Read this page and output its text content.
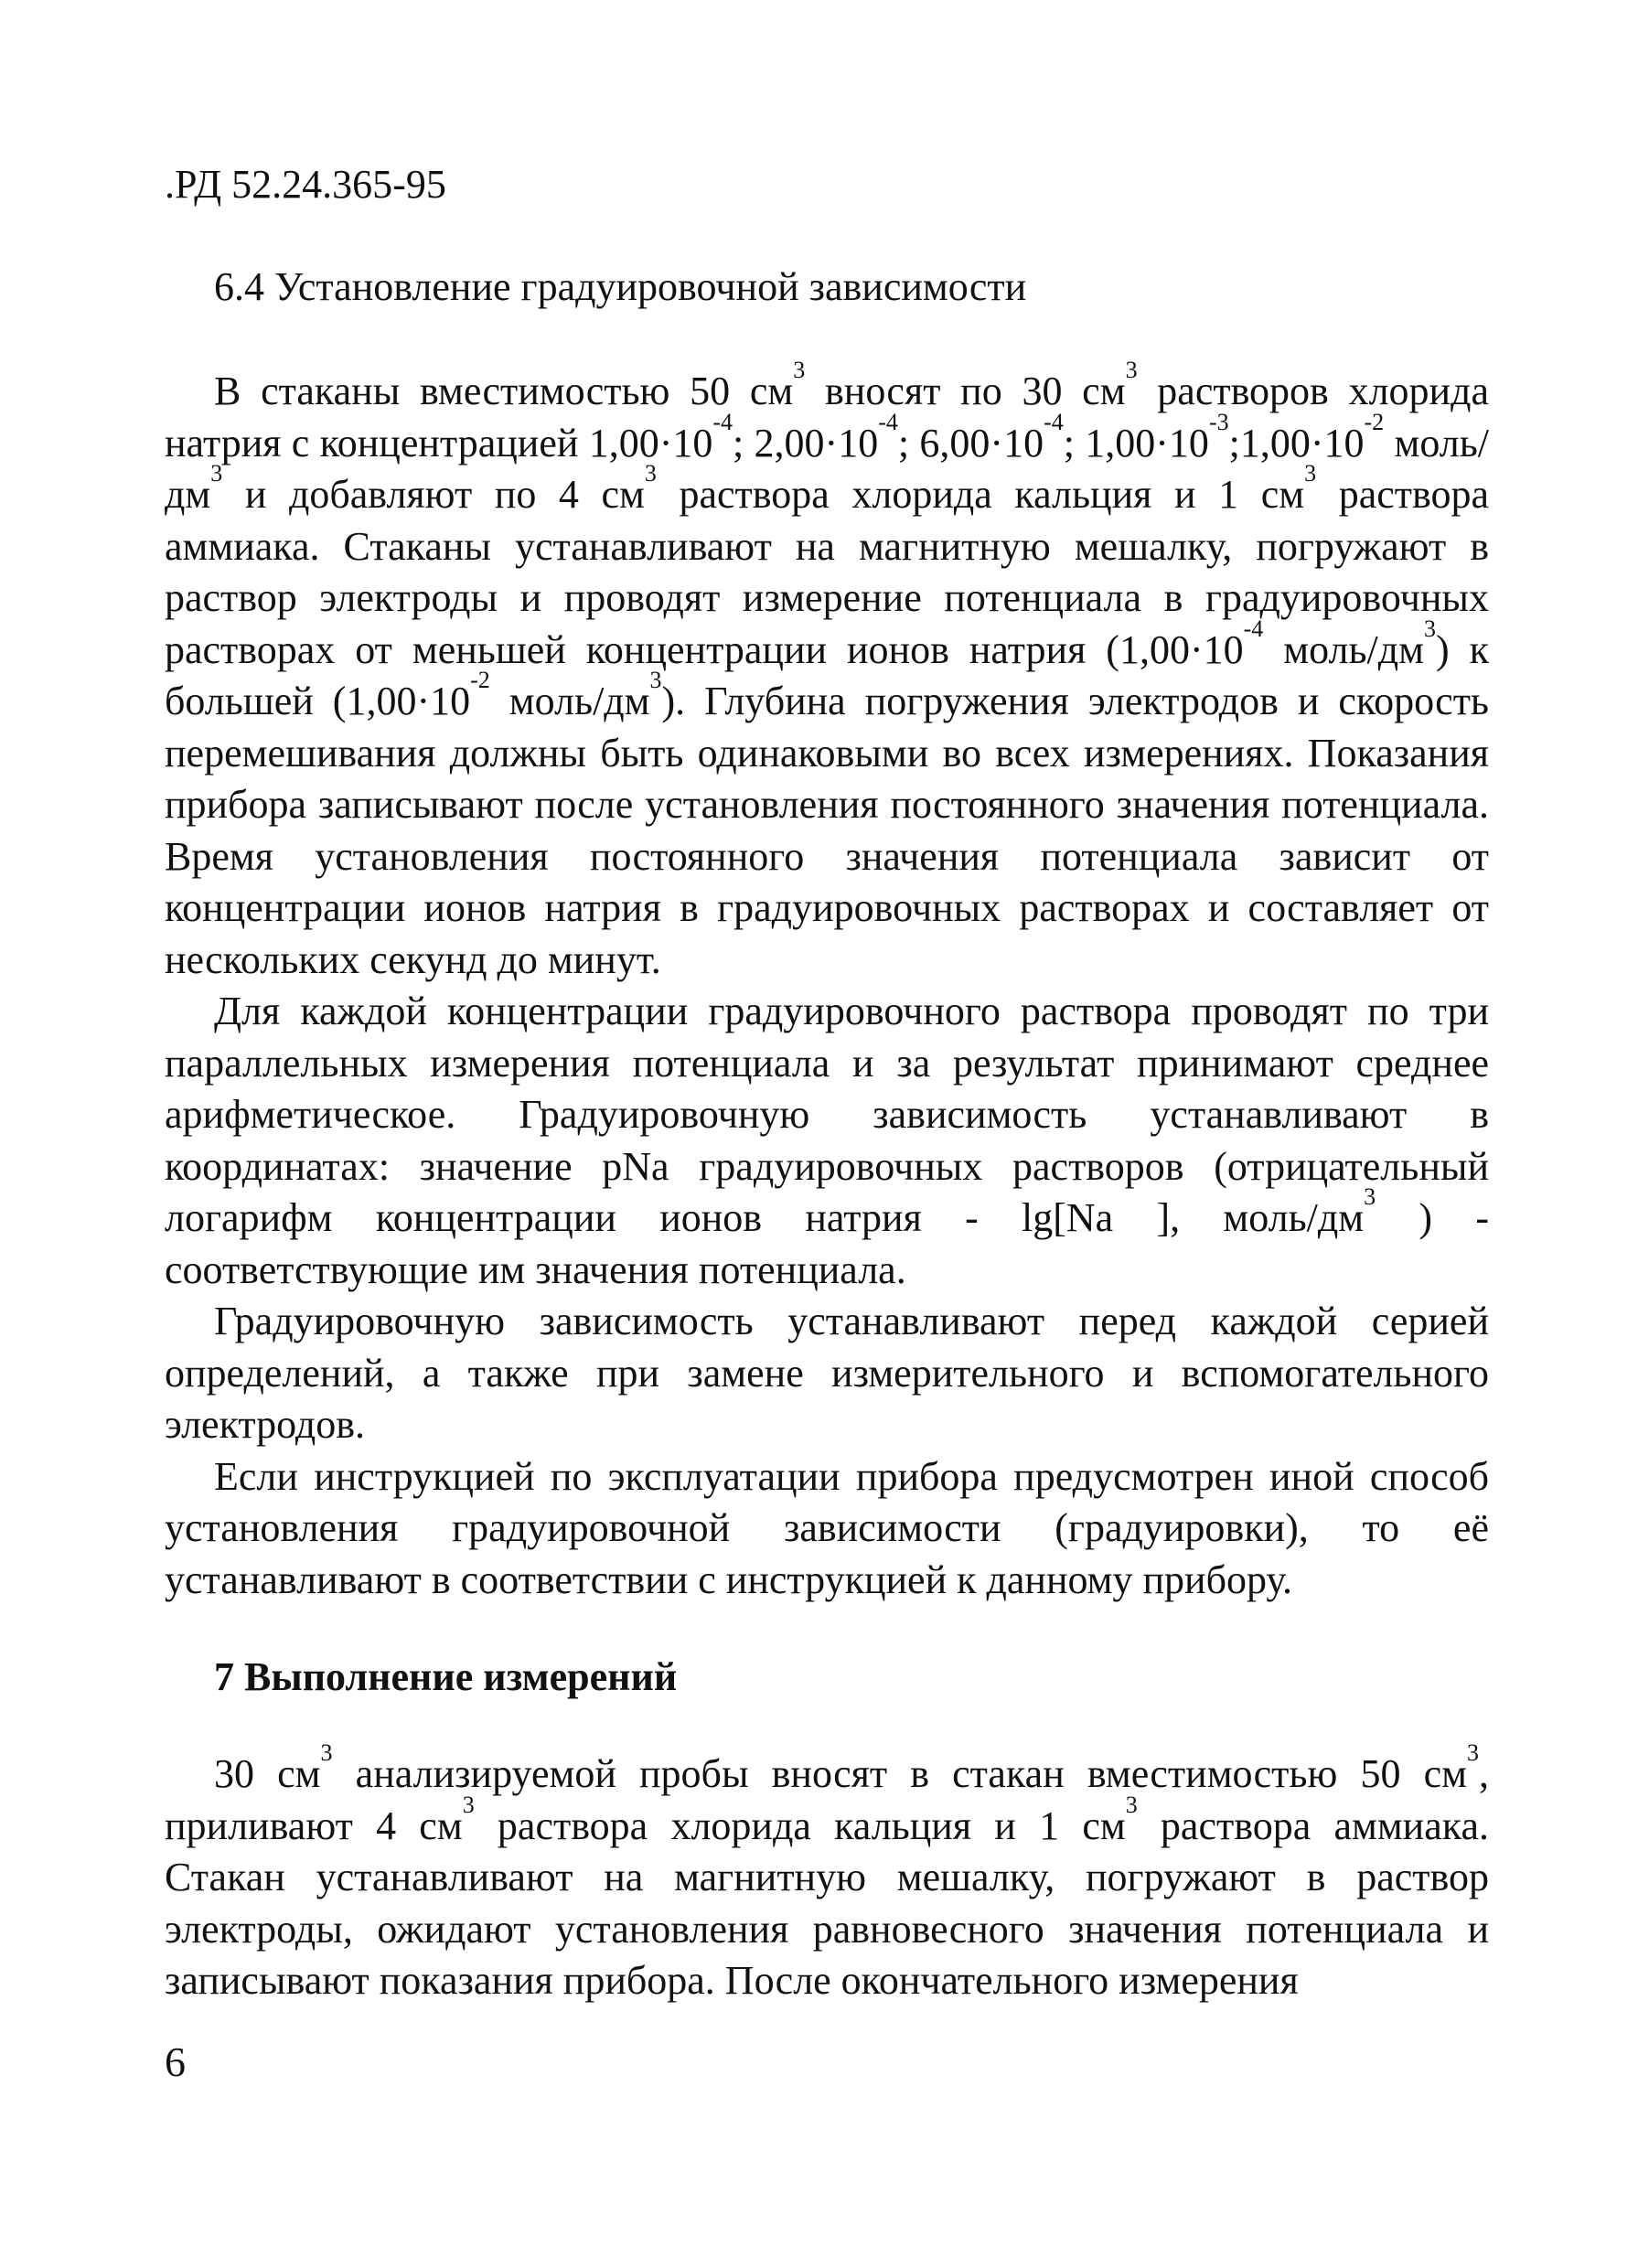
.РД 52.24.365-95
6.4 Установление градуировочной зависимости

В стаканы вместимостью 50 $см^3$ вносят по 30 $см^3$ растворов хлорида натрия с концентрацией $1,00\cdot 10^{-4}$; $2,00\cdot 10^{-4}$; $6,00\cdot 10^{-4}$; $1,00\cdot 10^{-3};1,00\cdot 10^{-2}$ моль/$дм^3$ и добавляют по 4 $см^3$ раствора хлорида кальция и 1 $см^3$ раствора аммиака. Стаканы устанавливают на магнитную мешалку, погружают в раствор электроды и проводят измерение потенциала в градуировочных растворах от меньшей концентрации ионов натрия ($1,00\cdot 10^{-4}$ моль/$дм^3$) к большей ($1,00\cdot 10^{-2}$ моль/$дм^3$). Глубина погружения электродов и скорость перемешивания должны быть одинаковыми во всех измерениях. Показания прибора записывают после установления постоянного значения потенциала. Время установления постоянного значения потенциала зависит от концентрации ионов натрия в градуировочных растворах и составляет от нескольких секунд до минут.

Для каждой концентрации градуировочного раствора проводят по три параллельных измерения потенциала и за результат принимают среднее арифметическое. Градуировочную зависимость устанавливают в координатах: значение pNa градуировочных растворов (отрицательный логарифм концентрации ионов натрия - lg[Na ], моль/$дм^3$ ) - соответствующие им значения потенциала.

Градуировочную зависимость устанавливают перед каждой серией определений, а также при замене измерительного и вспомогательного электродов.

Если инструкцией по эксплуатации прибора предусмотрен иной способ установления градуировочной зависимости (градуировки), то её устанавливают в соответствии с инструкцией к данному прибору.

7 Выполнение измерений

30 $см^3$ анализируемой пробы вносят в стакан вместимостью 50 $см^3$, приливают 4 $см^3$ раствора хлорида кальция и 1 $см^3$ раствора аммиака. Стакан устанавливают на магнитную мешалку, погружают в раствор электроды, ожидают установления равновесного значения потенциала и записывают показания прибора. После окончательного измерения

6
